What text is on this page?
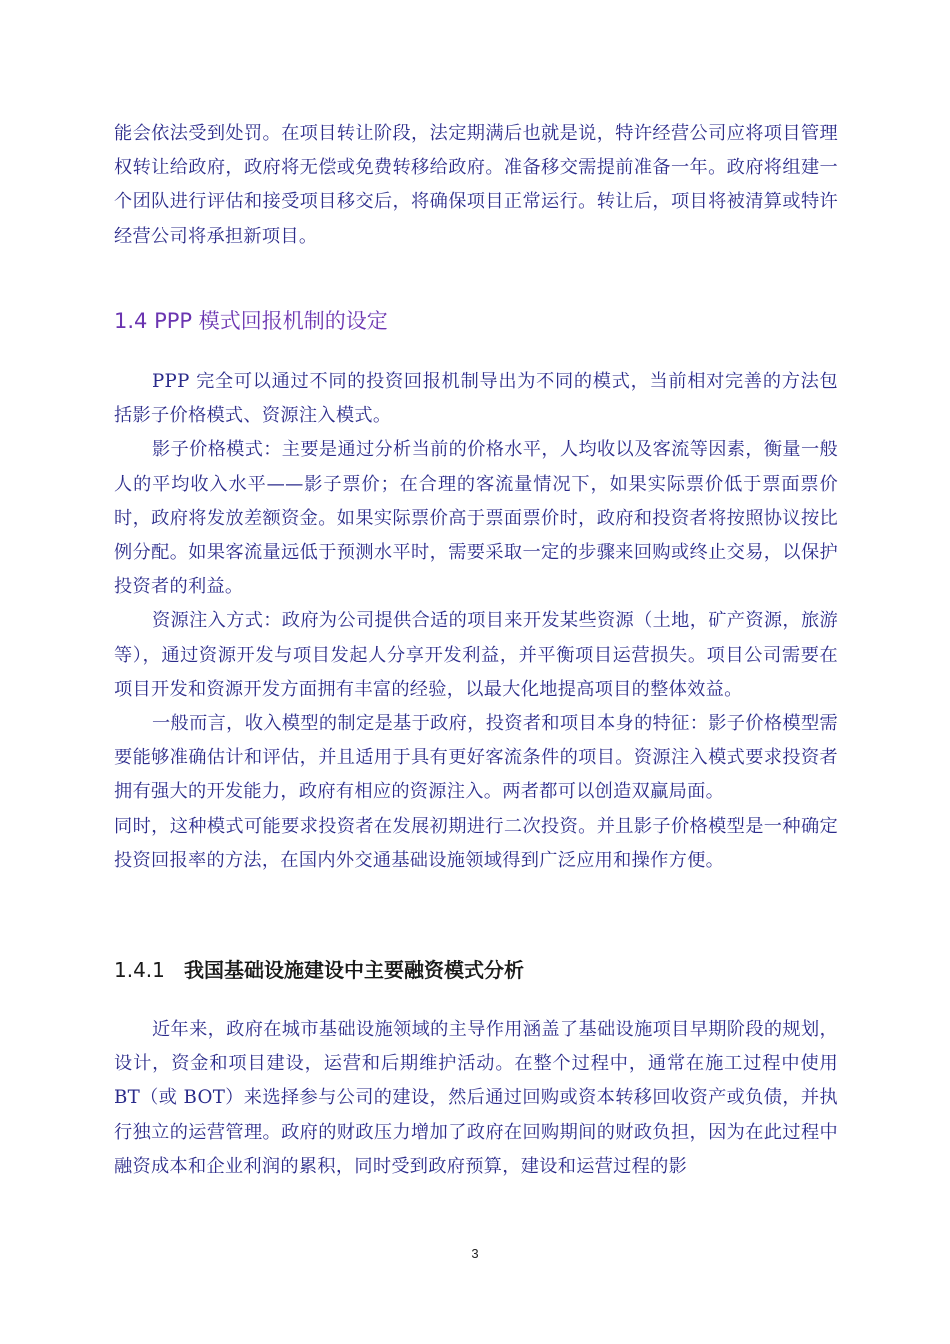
能会依法受到处罚。在项目转让阶段，法定期满后也就是说，特许经营公司应将项目管理权转让给政府，政府将无偿或免费转移给政府。准备移交需提前准备一年。政府将组建一个团队进行评估和接受项目移交后，将确保项目正常运行。转让后，项目将被清算或特许经营公司将承担新项目。

1.4 PPP 模式回报机制的设定

PPP 完全可以通过不同的投资回报机制导出为不同的模式，当前相对完善的方法包括影子价格模式、资源注入模式。

影子价格模式：主要是通过分析当前的价格水平，人均收以及客流等因素，衡量一般人的平均收入水平——影子票价；在合理的客流量情况下，如果实际票价低于票面票价时，政府将发放差额资金。如果实际票价高于票面票价时，政府和投资者将按照协议按比例分配。如果客流量远低于预测水平时，需要采取一定的步骤来回购或终止交易，以保护投资者的利益。

资源注入方式：政府为公司提供合适的项目来开发某些资源（土地，矿产资源，旅游等），通过资源开发与项目发起人分享开发利益，并平衡项目运营损失。项目公司需要在项目开发和资源开发方面拥有丰富的经验，以最大化地提高项目的整体效益。

一般而言，收入模型的制定是基于政府，投资者和项目本身的特征：影子价格模型需要能够准确估计和评估，并且适用于具有更好客流条件的项目。资源注入模式要求投资者拥有强大的开发能力，政府有相应的资源注入。两者都可以创造双赢局面。

同时，这种模式可能要求投资者在发展初期进行二次投资。并且影子价格模型是一种确定投资回报率的方法，在国内外交通基础设施领域得到广泛应用和操作方便。

1.4.1 我国基础设施建设中主要融资模式分析

近年来，政府在城市基础设施领域的主导作用涵盖了基础设施项目早期阶段的规划，设计，资金和项目建设，运营和后期维护活动。在整个过程中，通常在施工过程中使用 BT（或 BOT）来选择参与公司的建设，然后通过回购或资本转移回收资产或负债，并执行独立的运营管理。政府的财政压力增加了政府在回购期间的财政负担，因为在此过程中融资成本和企业利润的累积，同时受到政府预算，建设和运营过程的影

3
